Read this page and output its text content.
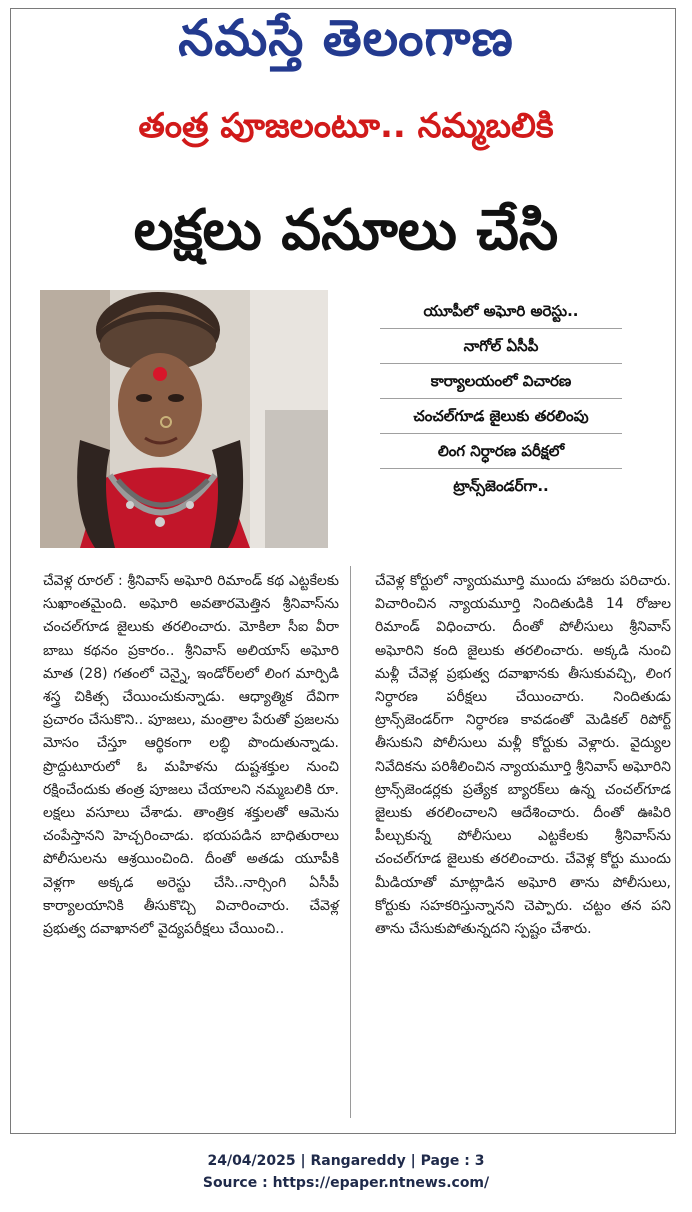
నమస్తే తెలంగాణ
తంత్ర పూజలంటూ.. నమ్మబలికి
లక్షలు వసూలు చేసి
యూపీలో అఘోరి అరెస్టు..
నాగోల్ ఏసీపీ
కార్యాలయంలో విచారణ
చంచల్‌గూడ జైలుకు తరలింపు
లింగ నిర్ధారణ పరీక్షలో
ట్రాన్స్‌జెండర్‌గా..
చేవెళ్ల రూరల్ : శ్రీనివాస్ అఘోరి రిమాండ్ కథ ఎట్టకేలకు సుఖాంతమైంది. అఘోరి అవతారమెత్తిన శ్రీనివాస్‌ను చంచల్‌గూడ జైలుకు తరలించారు. మోకిలా సీఐ వీరా బాబు కథనం ప్రకారం.. శ్రీనివాస్ అలియాస్ అఘోరి మాత (28) గతంలో చెన్నై, ఇండోర్‌లలో లింగ మార్పిడి శస్త్ర చికిత్స చేయించుకున్నాడు. ఆధ్యాత్మిక దేవిగా ప్రచారం చేసుకొని.. పూజలు, మంత్రాల పేరుతో ప్రజలను మోసం చేస్తూ ఆర్థికంగా లబ్ధి పొందుతున్నాడు. ప్రొద్దుటూరులో ఓ మహిళను దుష్టశక్తుల నుంచి రక్షించేందుకు తంత్ర పూజలు చేయాలని నమ్మబలికి రూ. లక్షలు వసూలు చేశాడు. తాంత్రిక శక్తులతో ఆమెను చంపేస్తానని హెచ్చరించాడు. భయపడిన బాధితురాలు పోలీసులను ఆశ్రయించింది. దీంతో అతడు యూపీకి వెళ్లగా అక్కడ అరెస్టు చేసి..నార్సింగి ఏసీపీ కార్యాలయానికి తీసుకొచ్చి విచారించారు. చేవెళ్ల ప్రభుత్వ దవాఖానలో వైద్యపరీక్షలు చేయించి..
చేవెళ్ల కోర్టులో న్యాయమూర్తి ముందు హాజరు పరిచారు. విచారించిన న్యాయమూర్తి నిందితుడికి 14 రోజుల రిమాండ్ విధించారు. దీంతో పోలీసులు శ్రీనివాస్ అఘోరిని కంది జైలుకు తరలించారు. అక్కడి నుంచి మళ్లీ చేవెళ్ల ప్రభుత్వ దవాఖానకు తీసుకువచ్చి, లింగ నిర్ధారణ పరీక్షలు చేయించారు. నిందితుడు ట్రాన్స్‌జెండర్‌గా నిర్ధారణ కావడంతో మెడికల్ రిపోర్ట్ తీసుకుని పోలీసులు మళ్లీ కోర్టుకు వెళ్లారు. వైద్యుల నివేదికను పరిశీలించిన న్యాయమూర్తి శ్రీనివాస్ అఘోరిని ట్రాన్స్‌జెండర్లకు ప్రత్యేక బ్యారక్‌లు ఉన్న చంచల్‌గూడ జైలుకు తరలించాలని ఆదేశించారు. దీంతో ఊపిరి పీల్చుకున్న పోలీసులు ఎట్టకేలకు శ్రీనివాస్‌ను చంచల్‌గూడ జైలుకు తరలించారు. చేవెళ్ల కోర్టు ముందు మీడియాతో మాట్లాడిన అఘోరి తాను పోలీసులు, కోర్టుకు సహకరిస్తున్నానని చెప్పారు. చట్టం తన పని తాను చేసుకుపోతున్నదని స్పష్టం చేశారు.
24/04/2025 | Rangareddy | Page : 3
Source : https://epaper.ntnews.com/
